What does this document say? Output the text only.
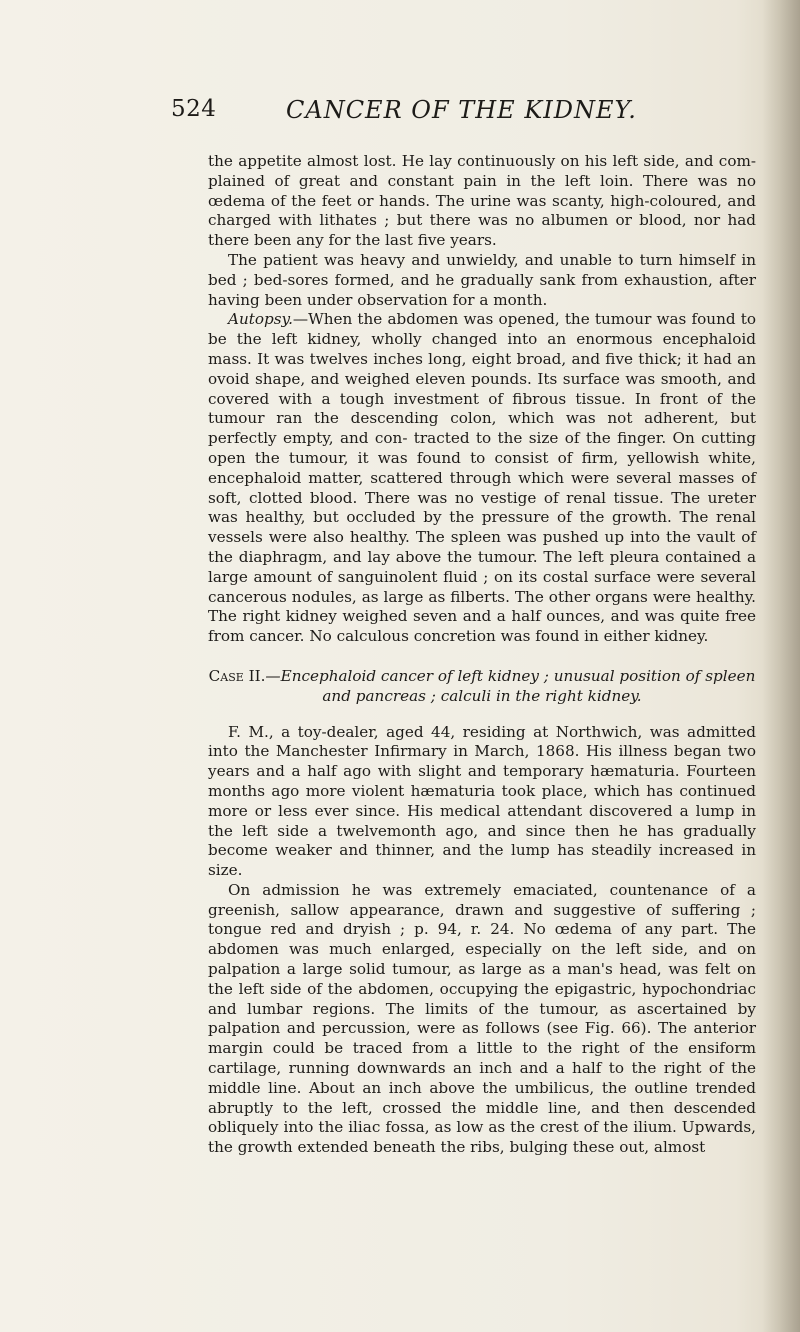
524	CANCER OF THE KIDNEY.

the appetite almost lost. He lay continuously on his left side, and com- plained of great and constant pain in the left loin. There was no œdema of the feet or hands. The urine was scanty, high-coloured, and charged with lithates ; but there was no albumen or blood, nor had there been any for the last five years.

The patient was heavy and unwieldy, and unable to turn himself in bed ; bed-sores formed, and he gradually sank from exhaustion, after having been under observation for a month.

Autopsy.—When the abdomen was opened, the tumour was found to be the left kidney, wholly changed into an enormous encephaloid mass. It was twelves inches long, eight broad, and five thick; it had an ovoid shape, and weighed eleven pounds. Its surface was smooth, and covered with a tough investment of fibrous tissue. In front of the tumour ran the descending colon, which was not adherent, but perfectly empty, and con- tracted to the size of the finger. On cutting open the tumour, it was found to consist of firm, yellowish white, encephaloid matter, scattered through which were several masses of soft, clotted blood. There was no vestige of renal tissue. The ureter was healthy, but occluded by the pressure of the growth. The renal vessels were also healthy. The spleen was pushed up into the vault of the diaphragm, and lay above the tumour. The left pleura contained a large amount of sanguinolent fluid ; on its costal surface were several cancerous nodules, as large as filberts. The other organs were healthy. The right kidney weighed seven and a half ounces, and was quite free from cancer. No calculous concretion was found in either kidney.

Case II.—Encephaloid cancer of left kidney ; unusual position of spleen and pancreas ; calculi in the right kidney.

F. M., a toy-dealer, aged 44, residing at Northwich, was admitted into the Manchester Infirmary in March, 1868. His illness began two years and a half ago with slight and temporary hæmaturia. Fourteen months ago more violent hæmaturia took place, which has continued more or less ever since. His medical attendant discovered a lump in the left side a twelvemonth ago, and since then he has gradually become weaker and thinner, and the lump has steadily increased in size.

On admission he was extremely emaciated, countenance of a greenish, sallow appearance, drawn and suggestive of suffering ; tongue red and dryish ; p. 94, r. 24. No œdema of any part. The abdomen was much enlarged, especially on the left side, and on palpation a large solid tumour, as large as a man's head, was felt on the left side of the abdomen, occupying the epigastric, hypochondriac and lumbar regions. The limits of the tumour, as ascertained by palpation and percussion, were as follows (see Fig. 66). The anterior margin could be traced from a little to the right of the ensiform cartilage, running downwards an inch and a half to the right of the middle line. About an inch above the umbilicus, the outline trended abruptly to the left, crossed the middle line, and then descended obliquely into the iliac fossa, as low as the crest of the ilium. Upwards, the growth extended beneath the ribs, bulging these out, almost
